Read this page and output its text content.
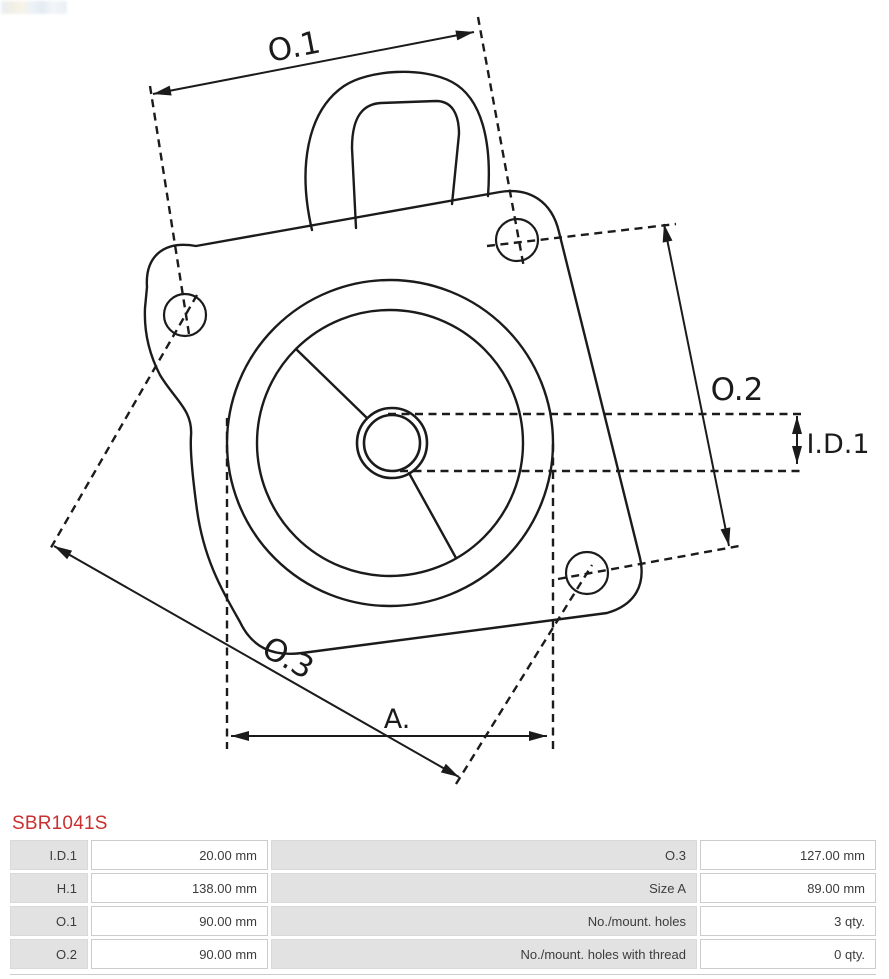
O.1
O.2
I.D.1
O.3
A.
SBR1041S
I.D.1	20.00 mm	O.3	127.00 mm
H.1	138.00 mm	Size A	89.00 mm
O.1	90.00 mm	No./mount. holes	3 qty.
O.2	90.00 mm	No./mount. holes with thread	0 qty.
